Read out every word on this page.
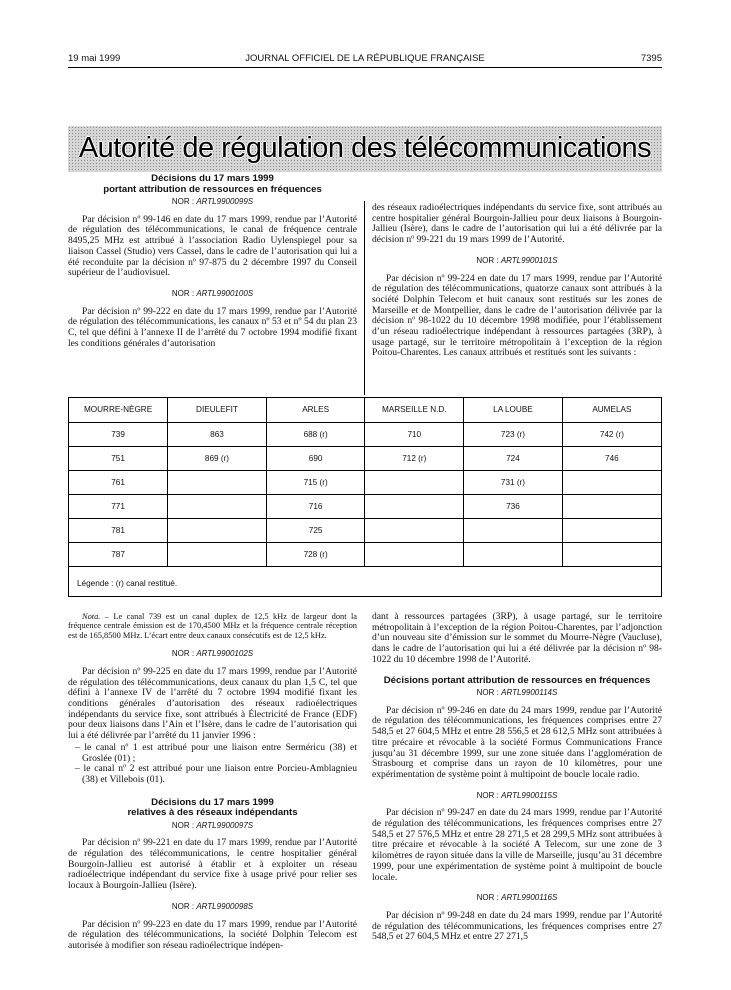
19 mai 1999	JOURNAL OFFICIEL DE LA RÉPUBLIQUE FRANÇAISE	7395
Autorité de régulation des télécommunications
Décisions du 17 mars 1999
portant attribution de ressources en fréquences
NOR : ARTL9900099S

Par décision nº 99-146 en date du 17 mars 1999, rendue par l’Autorité de régulation des télécommunications, le canal de fréquence centrale 8495,25 MHz est attribué à l’association Radio Uylenspiegel pour sa liaison Cassel (Studio) vers Cassel, dans le cadre de l’autorisation qui lui a été reconduite par la décision nº 97-875 du 2 décembre 1997 du Conseil supérieur de l’audiovisuel.

NOR : ARTL9900100S

Par décision nº 99-222 en date du 17 mars 1999, rendue par l’Autorité de régulation des télécommunications, les canaux nº 53 et nº 54 du plan 23 C, tel que défini à l’annexe II de l’arrêté du 7 octobre 1994 modifié fixant les conditions générales d’autorisation

des réseaux radioélectriques indépendants du service fixe, sont attribués au centre hospitalier général Bourgoin-Jallieu pour deux liaisons à Bourgoin-Jallieu (Isère), dans le cadre de l’autorisation qui lui a été délivrée par la décision nº 99-221 du 19 mars 1999 de l’Autorité.

NOR : ARTL9900101S

Par décision nº 99-224 en date du 17 mars 1999, rendue par l’Autorité de régulation des télécommunications, quatorze canaux sont attribués à la société Dolphin Telecom et huit canaux sont restitués sur les zones de Marseille et de Montpellier, dans le cadre de l’autorisation délivrée par la décision nº 98-1022 du 10 décembre 1998 modifiée, pour l’établissement d’un réseau radioélectrique indépendant à ressources partagées (3RP), à usage partagé, sur le territoire métropolitain à l’exception de la région Poitou-Charentes. Les canaux attribués et restitués sont les suivants :

MOURRE-NÈGRE	DIEULEFIT	ARLES	MARSEILLE N.D.	LA LOUBE	AUMELAS
739	863	688 (r)	710	723 (r)	742 (r)
751	869 (r)	690	712 (r)	724	746
761		715 (r)		731 (r)	
771		716		736	
781		725			
787		728 (r)			
Légende : (r) canal restitué.

Nota. – Le canal 739 est un canal duplex de 12,5 kHz de largeur dont la fréquence centrale émission est de 170,4500 MHz et la fréquence centrale réception est de 165,8500 MHz. L’écart entre deux canaux consécutifs est de 12,5 kHz.

NOR : ARTL9900102S

Par décision nº 99-225 en date du 17 mars 1999, rendue par l’Autorité de régulation des télécommunications, deux canaux du plan 1,5 C, tel que défini à l’annexe IV de l’arrêté du 7 octobre 1994 modifié fixant les conditions générales d’autorisation des réseaux radioélectriques indépendants du service fixe, sont attribués à Électricité de France (EDF) pour deux liaisons dans l’Ain et l’Isère, dans le cadre de l’autorisation qui lui a été délivrée par l’arrêté du 11 janvier 1996 :

– le canal nº 1 est attribué pour une liaison entre Serméricu (38) et Groslée (01) ;
– le canal nº 2 est attribué pour une liaison entre Porcieu-Amblagnieu (38) et Villebois (01).
Décisions du 17 mars 1999
relatives à des réseaux indépendants
NOR : ARTL9900097S

Par décision nº 99-221 en date du 17 mars 1999, rendue par l’Autorité de régulation des télécommunications, le centre hospitalier général Bourgoin-Jallieu est autorisé à établir et à exploiter un réseau radioélectrique indépendant du service fixe à usage privé pour relier ses locaux à Bourgoin-Jallieu (Isère).

NOR : ARTL9900098S

Par décision nº 99-223 en date du 17 mars 1999, rendue par l’Autorité de régulation des télécommunications, la société Dolphin Telecom est autorisée à modifier son réseau radioélectrique indépen-

dant à ressources partagées (3RP), à usage partagé, sur le territoire métropolitain à l’exception de la région Poitou-Charentes, par l’adjonction d’un nouveau site d’émission sur le sommet du Mourre-Nègre (Vaucluse), dans le cadre de l’autorisation qui lui a été délivrée par la décision nº 98-1022 du 10 décembre 1998 de l’Autorité.

Décisions portant attribution de ressources en fréquences
NOR : ARTL9900114S

Par décision nº 99-246 en date du 24 mars 1999, rendue par l’Autorité de régulation des télécommunications, les fréquences comprises entre 27 548,5 et 27 604,5 MHz et entre 28 556,5 et 28 612,5 MHz sont attribuées à titre précaire et révocable à la société Formus Communications France jusqu’au 31 décembre 1999, sur une zone située dans l’agglomération de Strasbourg et comprise dans un rayon de 10 kilomètres, pour une expérimentation de système point à multipoint de boucle locale radio.

NOR : ARTL9900115S

Par décision nº 99-247 en date du 24 mars 1999, rendue par l’Autorité de régulation des télécommunications, les fréquences comprises entre 27 548,5 et 27 576,5 MHz et entre 28 271,5 et 28 299,5 MHz sont attribuées à titre précaire et révocable à la société A Telecom, sur une zone de 3 kilomètres de rayon située dans la ville de Marseille, jusqu’au 31 décembre 1999, pour une expérimentation de système point à multipoint de boucle locale.

NOR : ARTL9900116S

Par décision nº 99-248 en date du 24 mars 1999, rendue par l’Autorité de régulation des télécommunications, les fréquences comprises entre 27 548,5 et 27 604,5 MHz et entre 27 271,5
